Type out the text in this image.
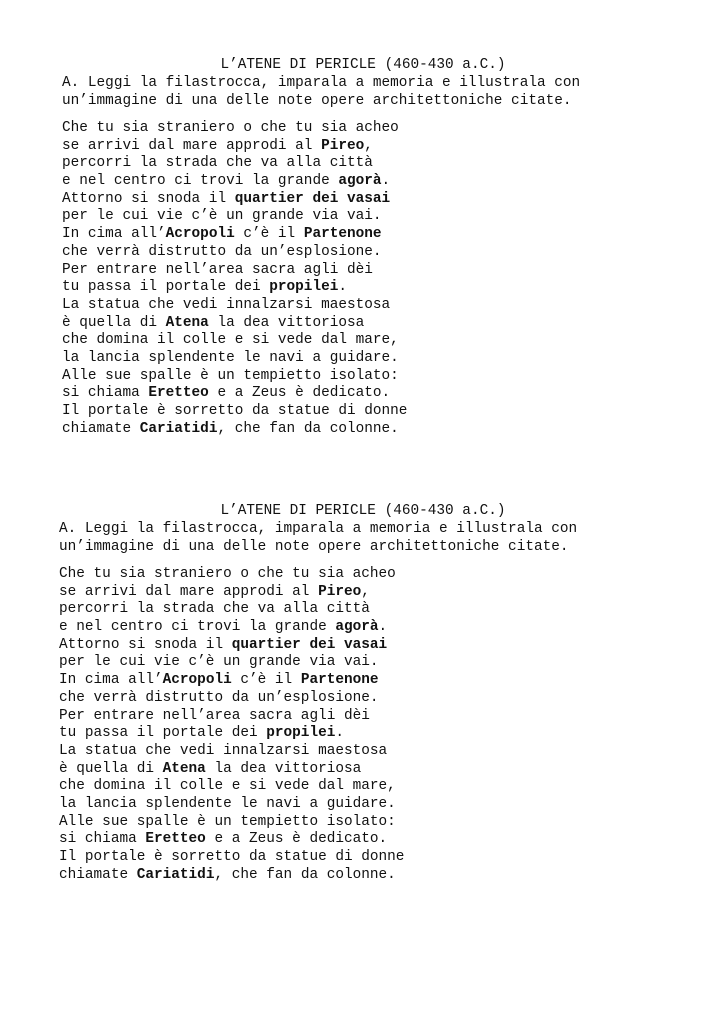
L’ATENE DI PERICLE (460-430 a.C.)
A. Leggi la filastrocca, imparala a memoria e illustrala con
un’immagine di una delle note opere architettoniche citate.
Che tu sia straniero o che tu sia acheo
se arrivi dal mare approdi al Pireo,
percorri la strada che va alla città
e nel centro ci trovi la grande agorà.
Attorno si snoda il quartier dei vasai
per le cui vie c’è un grande via vai.
In cima all’Acropoli c’è il Partenone
che verrà distrutto da un’esplosione.
Per entrare nell’area sacra agli dèi
tu passa il portale dei propilei.
La statua che vedi innalzarsi maestosa
è quella di Atena la dea vittoriosa
che domina il colle e si vede dal mare,
la lancia splendente le navi a guidare.
Alle sue spalle è un tempietto isolato:
si chiama Eretteo e a Zeus è dedicato.
Il portale è sorretto da statue di donne
chiamate Cariatidi, che fan da colonne.
L’ATENE DI PERICLE (460-430 a.C.)
A. Leggi la filastrocca, imparala a memoria e illustrala con
un’immagine di una delle note opere architettoniche citate.
Che tu sia straniero o che tu sia acheo
se arrivi dal mare approdi al Pireo,
percorri la strada che va alla città
e nel centro ci trovi la grande agorà.
Attorno si snoda il quartier dei vasai
per le cui vie c’è un grande via vai.
In cima all’Acropoli c’è il Partenone
che verrà distrutto da un’esplosione.
Per entrare nell’area sacra agli dèi
tu passa il portale dei propilei.
La statua che vedi innalzarsi maestosa
è quella di Atena la dea vittoriosa
che domina il colle e si vede dal mare,
la lancia splendente le navi a guidare.
Alle sue spalle è un tempietto isolato:
si chiama Eretteo e a Zeus è dedicato.
Il portale è sorretto da statue di donne
chiamate Cariatidi, che fan da colonne.
